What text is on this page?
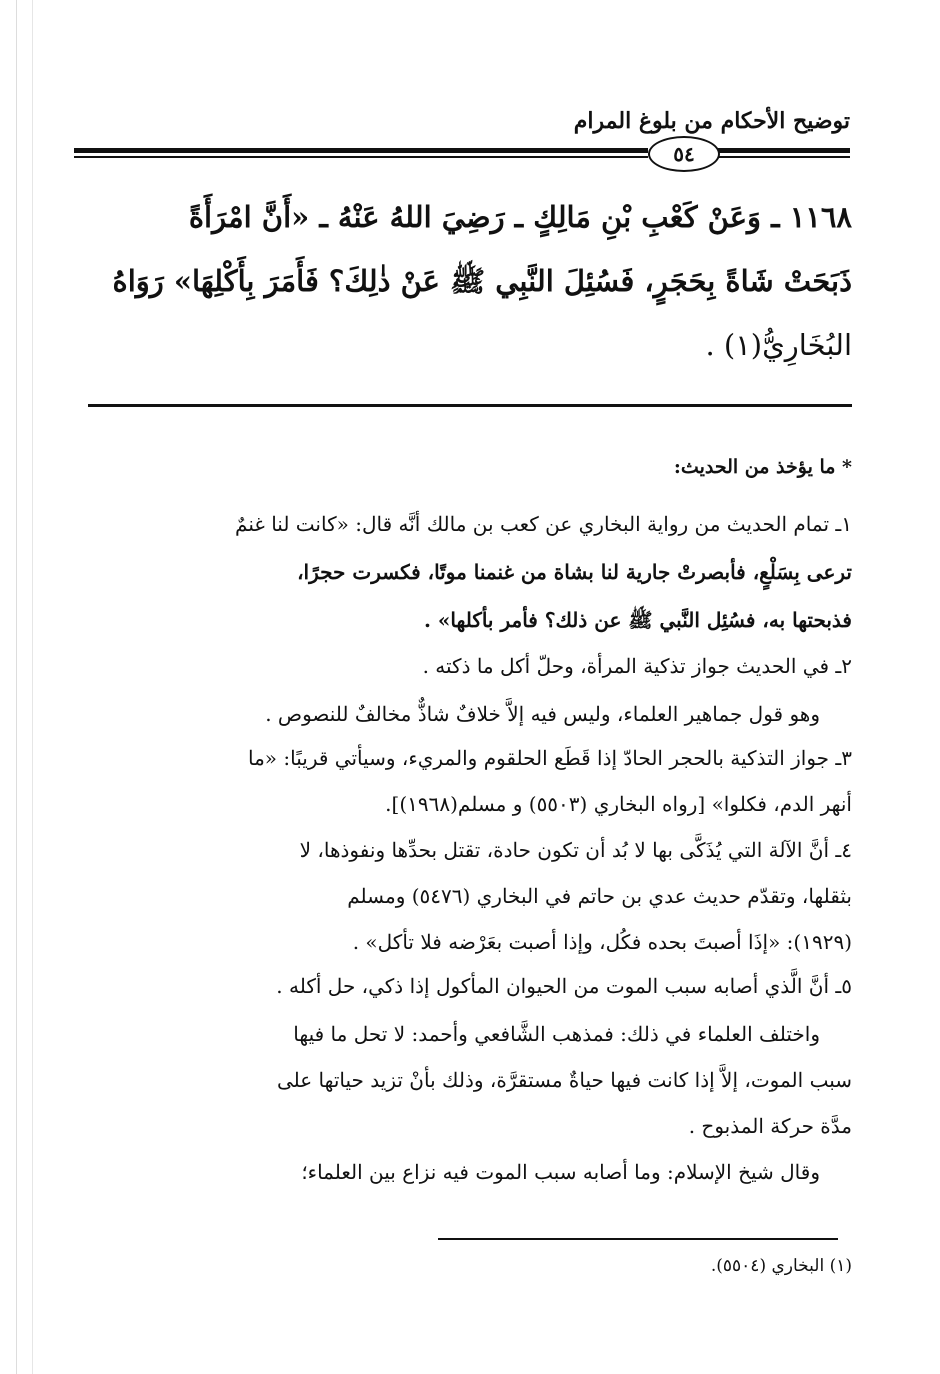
توضيح الأحكام من بلوغ المرام
٥٤
١١٦٨ ـ وَعَنْ كَعْبِ بْنِ مَالِكٍ ـ رَضِيَ اللهُ عَنْهُ ـ «أَنَّ امْرَأَةً
ذَبَحَتْ شَاةً بِحَجَرٍ، فَسُئِلَ النَّبِي ﷺ عَنْ ذٰلِكَ؟ فَأَمَرَ بِأَكْلِهَا» رَوَاهُ
البُخَارِيُّ(١) .
* ما يؤخذ من الحديث:
١ـ تمام الحديث من رواية البخاري عن كعب بن مالك أنَّه قال: «كانت لنا غنمٌ
ترعى بِسَلْعٍ، فأبصرتْ جارية لنا بشاة من غنمنا موتًا، فكسرت حجرًا،
فذبحتها به، فسُئِل النَّبي ﷺ عن ذلك؟ فأمر بأكلها» .
٢ـ في الحديث جواز تذكية المرأة، وحلّ أكل ما ذكته .
وهو قول جماهير العلماء، وليس فيه إلاَّ خلافٌ شاذٌّ مخالفٌ للنصوص .
٣ـ جواز التذكية بالحجر الحادّ إذا قَطَع الحلقوم والمريء، وسيأتي قريبًا: «ما
أنهر الدم، فكلوا» [رواه البخاري (٥٥٠٣) و مسلم(١٩٦٨)].
٤ـ أنَّ الآلة التي يُذَكَّى بها لا بُد أن تكون حادة، تقتل بحدِّها ونفوذها، لا
بثقلها، وتقدّم حديث عدي بن حاتم في البخاري (٥٤٧٦) ومسلم
(١٩٢٩): «إذَا أصبتَ بحده فكُل، وإذا أصبت بعَرْضه فلا تأكل» .
٥ـ أنَّ الَّذي أصابه سبب الموت من الحيوان المأكول إذا ذكي، حل أكله .
واختلف العلماء في ذلك: فمذهب الشَّافعي وأحمد: لا تحل ما فيها
سبب الموت، إلاَّ إذا كانت فيها حياةٌ مستقرَّة، وذلك بأنْ تزيد حياتها على
مدَّة حركة المذبوح .
وقال شيخ الإسلام: وما أصابه سبب الموت فيه نزاع بين العلماء؛
(١) البخاري (٥٥٠٤).
